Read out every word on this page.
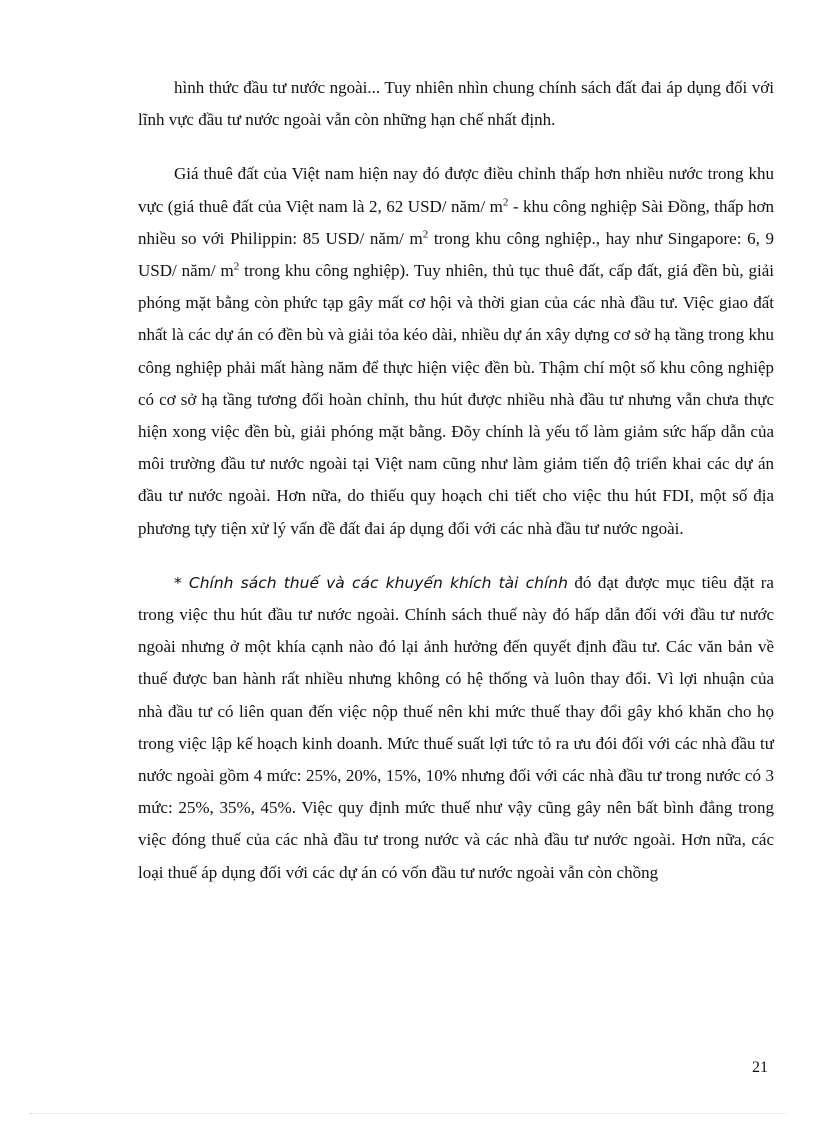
hình thức đầu tư nước ngoài... Tuy nhiên nhìn chung chính sách đất đai áp dụng đối với lĩnh vực đầu tư nước ngoài vẫn còn những hạn chế nhất định.

Giá thuê đất của Việt nam hiện nay đó được điều chỉnh thấp hơn nhiều nước trong khu vực (giá thuê đất của Việt nam là 2, 62 USD/ năm/ $m^2$ - khu công nghiệp Sài Đồng, thấp hơn nhiều so với Philippin: 85 USD/ năm/ $m^2$ trong khu công nghiệp., hay như Singapore: 6, 9 USD/ năm/ $m^2$ trong khu công nghiệp). Tuy nhiên, thủ tục thuê đất, cấp đất, giá đền bù, giải phóng mặt bằng còn phức tạp gây mất cơ hội và thời gian của các nhà đầu tư. Việc giao đất nhất là các dự án có đền bù và giải tỏa kéo dài, nhiều dự án xây dựng cơ sở hạ tầng trong khu công nghiệp phải mất hàng năm để thực hiện việc đền bù. Thậm chí một số khu công nghiệp có cơ sở hạ tầng tương đối hoàn chỉnh, thu hút được nhiều nhà đầu tư nhưng vẫn chưa thực hiện xong việc đền bù, giải phóng mặt bằng. Đõy chính là yếu tố làm giảm sức hấp dẫn của môi trường đầu tư nước ngoài tại Việt nam cũng như làm giảm tiến độ triển khai các dự án đầu tư nước ngoài. Hơn nữa, do thiếu quy hoạch chi tiết cho việc thu hút FDI, một số địa phương tựy tiện xử lý vấn đề đất đai áp dụng đối với các nhà đầu tư nước ngoài.

* Chính sách thuế và các khuyến khích tài chính đó đạt được mục tiêu đặt ra trong việc thu hút đầu tư nước ngoài. Chính sách thuế này đó hấp dẫn đối với đầu tư nước ngoài nhưng ở một khía cạnh nào đó lại ảnh hưởng đến quyết định đầu tư. Các văn bản về thuế được ban hành rất nhiều nhưng không có hệ thống và luôn thay đổi. Vì lợi nhuận của nhà đầu tư có liên quan đến việc nộp thuế nên khi mức thuế thay đổi gây khó khăn cho họ trong việc lập kế hoạch kinh doanh. Mức thuế suất lợi tức tỏ ra ưu đói đối với các nhà đầu tư nước ngoài gồm 4 mức: 25%, 20%, 15%, 10% nhưng đối với các nhà đầu tư trong nước có 3 mức: 25%, 35%, 45%. Việc quy định mức thuế như vậy cũng gây nên bất bình đẳng trong việc đóng thuế của các nhà đầu tư trong nước và các nhà đầu tư nước ngoài. Hơn nữa, các loại thuế áp dụng đối với các dự án có vốn đầu tư nước ngoài vẫn còn chồng

21
